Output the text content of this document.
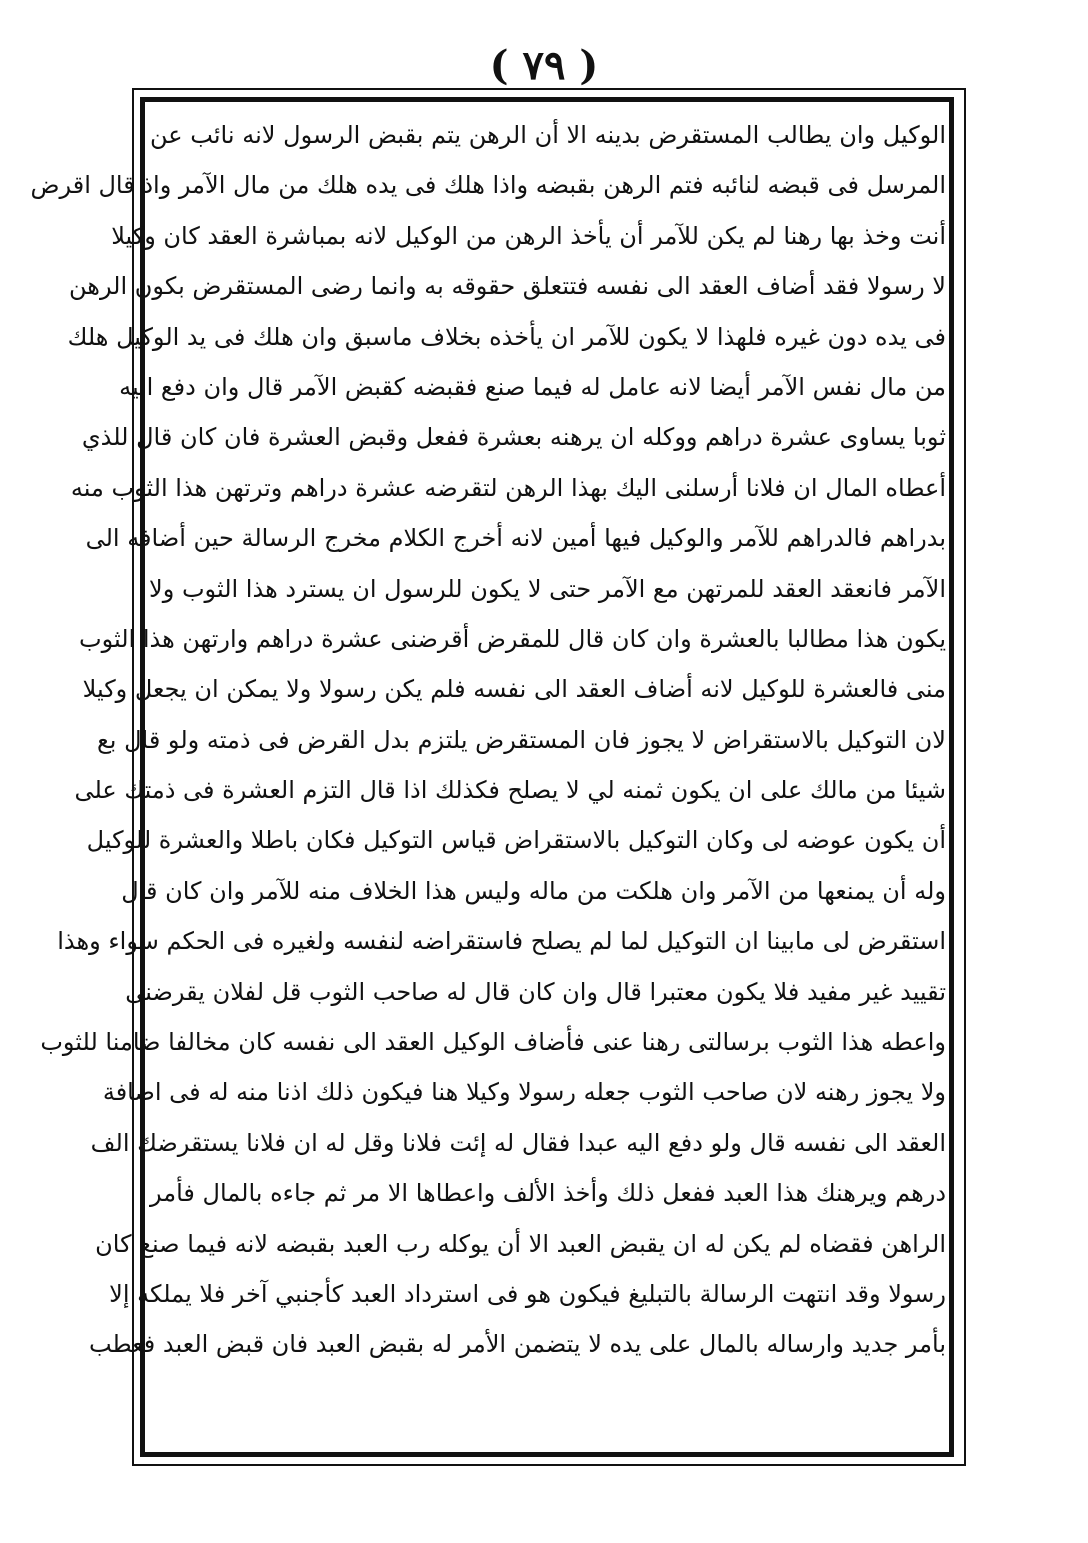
( ٧٩ )
الوكيل وان يطالب المستقرض بدينه الا أن الرهن يتم بقبض الرسول لانه نائب عن
المرسل فى قبضه لنائبه فتم الرهن بقبضه واذا هلك فى يده هلك من مال الآمر واذ قال اقرض
أنت وخذ بها رهنا لم يكن للآمر أن يأخذ الرهن من الوكيل لانه بمباشرة العقد كان وكيلا
لا رسولا فقد أضاف العقد الى نفسه فتتعلق حقوقه به وانما رضى المستقرض بكون الرهن
فى يده دون غيره فلهذا لا يكون للآمر ان يأخذه بخلاف ماسبق وان هلك فى يد الوكيل هلك
من مال نفس الآمر أيضا لانه عامل له فيما صنع فقبضه كقبض الآمر قال وان دفع اليه
ثوبا يساوى عشرة دراهم ووكله ان يرهنه بعشرة ففعل وقبض العشرة فان كان قال للذي
أعطاه المال ان فلانا أرسلنى اليك بهذا الرهن لتقرضه عشرة دراهم وترتهن هذا الثوب منه
بدراهم فالدراهم للآمر والوكيل فيها أمين لانه أخرج الكلام مخرج الرسالة حين أضافه الى
الآمر فانعقد العقد للمرتهن مع الآمر حتى لا يكون للرسول ان يسترد هذا الثوب ولا
يكون هذا مطالبا بالعشرة وان كان قال للمقرض أقرضنى عشرة دراهم وارتهن هذا الثوب
منى فالعشرة للوكيل لانه أضاف العقد الى نفسه فلم يكن رسولا ولا يمكن ان يجعل وكيلا
لان التوكيل بالاستقراض لا يجوز فان المستقرض يلتزم بدل القرض فى ذمته ولو قال بع
شيئا من مالك على ان يكون ثمنه لي لا يصلح فكذلك اذا قال التزم العشرة فى ذمتك على
أن يكون عوضه لى وكان التوكيل بالاستقراض قياس التوكيل فكان باطلا والعشرة للوكيل
وله أن يمنعها من الآمر وان هلكت من ماله وليس هذا الخلاف منه للآمر وان كان قال
استقرض لى مابينا ان التوكيل لما لم يصلح فاستقراضه لنفسه ولغيره فى الحكم سواء وهذا
تقييد غير مفيد فلا يكون معتبرا قال وان كان قال له صاحب الثوب قل لفلان يقرضنى
واعطه هذا الثوب برسالتى رهنا عنى فأضاف الوكيل العقد الى نفسه كان مخالفا ضامنا للثوب
ولا يجوز رهنه لان صاحب الثوب جعله رسولا وكيلا هنا فيكون ذلك اذنا منه له فى اضافة
العقد الى نفسه قال ولو دفع اليه عبدا فقال له إئت فلانا وقل له ان فلانا يستقرضك الف
درهم ويرهنك هذا العبد ففعل ذلك وأخذ الألف واعطاها الا مر ثم جاءه بالمال فأمر
الراهن فقضاه لم يكن له ان يقبض العبد الا أن يوكله رب العبد بقبضه لانه فيما صنع كان
رسولا وقد انتهت الرسالة بالتبليغ فيكون هو فى استرداد العبد كأجنبي آخر فلا يملكه إلا
بأمر جديد وارساله بالمال على يده لا يتضمن الأمر له بقبض العبد فان قبض العبد فعطب
